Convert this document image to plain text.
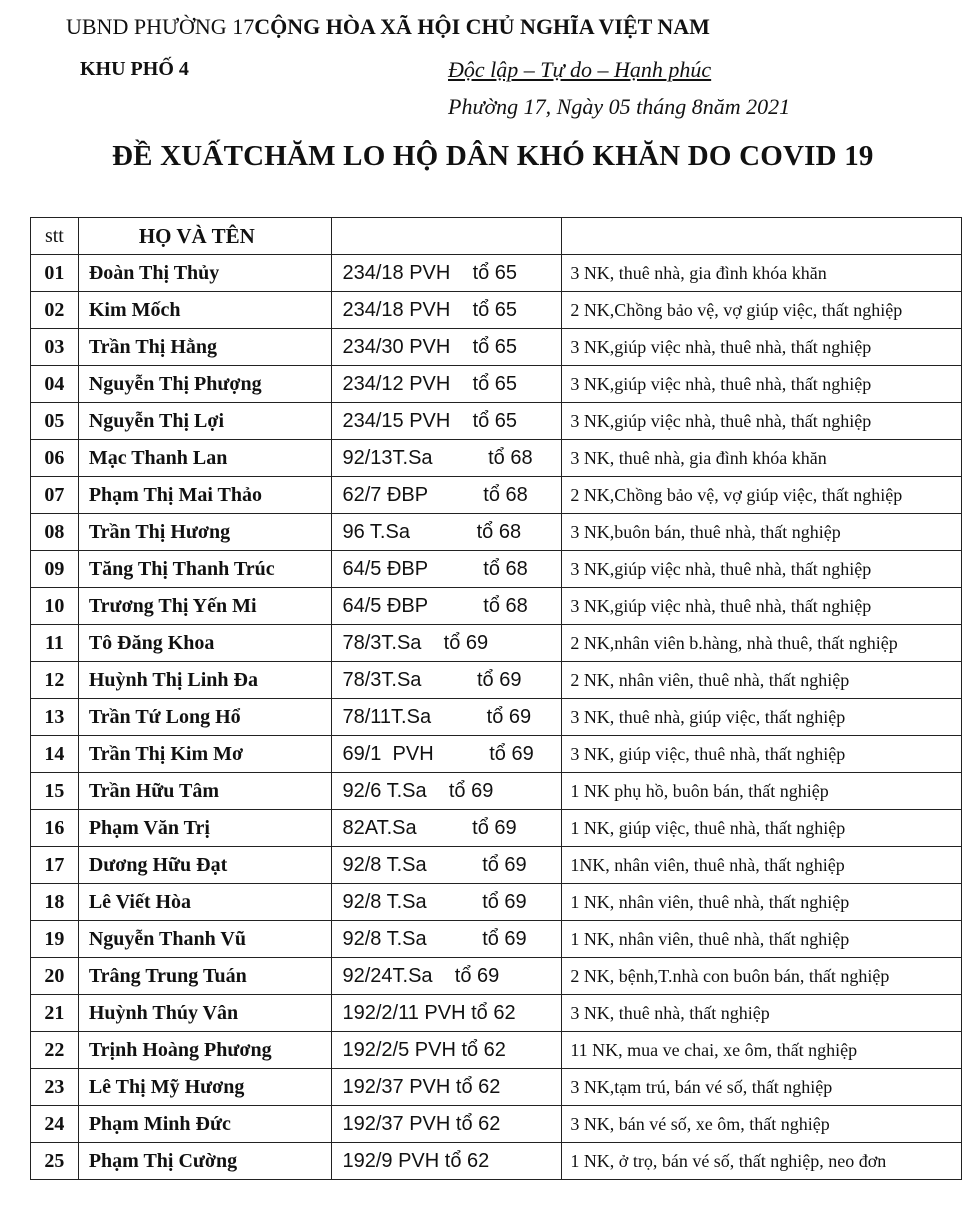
UBND PHƯỜNG 17CỘNG HÒA XÃ HỘI CHỦ NGHĨA VIỆT NAM
KHU PHỐ 4	Độc lập – Tự do – Hạnh phúc
Phường 17, Ngày 05 tháng 8năm 2021
ĐỀ XUẤTCHĂM LO HỘ DÂN KHÓ KHĂN DO COVID 19
stt	HỌ VÀ TÊN		
01	Đoàn Thị Thủy	234/18 PVH    tổ 65	3 NK, thuê nhà, gia đình khóa khăn
02	Kim Mốch	234/18 PVH    tổ 65	2 NK,Chồng bảo vệ, vợ giúp việc, thất nghiệp
03	Trần Thị Hằng	234/30 PVH    tổ 65	3 NK,giúp việc nhà, thuê nhà, thất nghiệp
04	Nguyễn Thị Phượng	234/12 PVH    tổ 65	3 NK,giúp việc nhà, thuê nhà, thất nghiệp
05	Nguyễn Thị Lợi	234/15 PVH    tổ 65	3 NK,giúp việc nhà, thuê nhà, thất nghiệp
06	Mạc Thanh Lan	92/13T.Sa          tổ 68	3 NK, thuê nhà, gia đình khóa khăn
07	Phạm Thị Mai Thảo	62/7 ĐBP          tổ 68	2 NK,Chồng bảo vệ, vợ giúp việc, thất nghiệp
08	Trần Thị Hương	96 T.Sa            tổ 68	3 NK,buôn bán, thuê nhà, thất nghiệp
09	Tăng Thị Thanh Trúc	64/5 ĐBP          tổ 68	3 NK,giúp việc nhà, thuê nhà, thất nghiệp
10	Trương Thị Yến Mi	64/5 ĐBP          tổ 68	3 NK,giúp việc nhà, thuê nhà, thất nghiệp
11	Tô Đăng Khoa	78/3T.Sa    tổ 69	2 NK,nhân viên b.hàng, nhà thuê, thất nghiệp
12	Huỳnh Thị Linh Đa	78/3T.Sa          tổ 69	2 NK, nhân viên, thuê nhà, thất nghiệp
13	Trần Tứ Long Hổ	78/11T.Sa          tổ 69	3 NK, thuê nhà, giúp việc, thất nghiệp
14	Trần Thị Kim Mơ	69/1  PVH          tổ 69	3 NK, giúp việc, thuê nhà, thất nghiệp
15	Trần Hữu Tâm	92/6 T.Sa    tổ 69	1 NK phụ hồ, buôn bán, thất nghiệp
16	Phạm Văn Trị	82AT.Sa          tổ 69	1 NK, giúp việc, thuê nhà, thất nghiệp
17	Dương Hữu Đạt	92/8 T.Sa          tổ 69	1NK, nhân viên, thuê nhà, thất nghiệp
18	Lê Viết Hòa	92/8 T.Sa          tổ 69	1 NK, nhân viên, thuê nhà, thất nghiệp
19	Nguyễn Thanh Vũ	92/8 T.Sa          tổ 69	1 NK, nhân viên, thuê nhà, thất nghiệp
20	Trâng Trung Tuán	92/24T.Sa    tổ 69	2 NK, bệnh,T.nhà con buôn bán, thất nghiệp
21	Huỳnh Thúy Vân	192/2/11 PVH tổ 62	3 NK, thuê nhà, thất nghiệp
22	Trịnh Hoàng Phương	192/2/5 PVH tổ 62	11 NK, mua ve chai, xe ôm, thất nghiệp
23	Lê Thị Mỹ Hương	192/37 PVH tổ 62	3 NK,tạm trú, bán vé số, thất nghiệp
24	Phạm Minh Đức	192/37 PVH tổ 62	3 NK, bán vé số, xe ôm, thất nghiệp
25	Phạm Thị Cường	192/9 PVH tổ 62	1 NK, ở trọ, bán vé số, thất nghiệp, neo đơn
